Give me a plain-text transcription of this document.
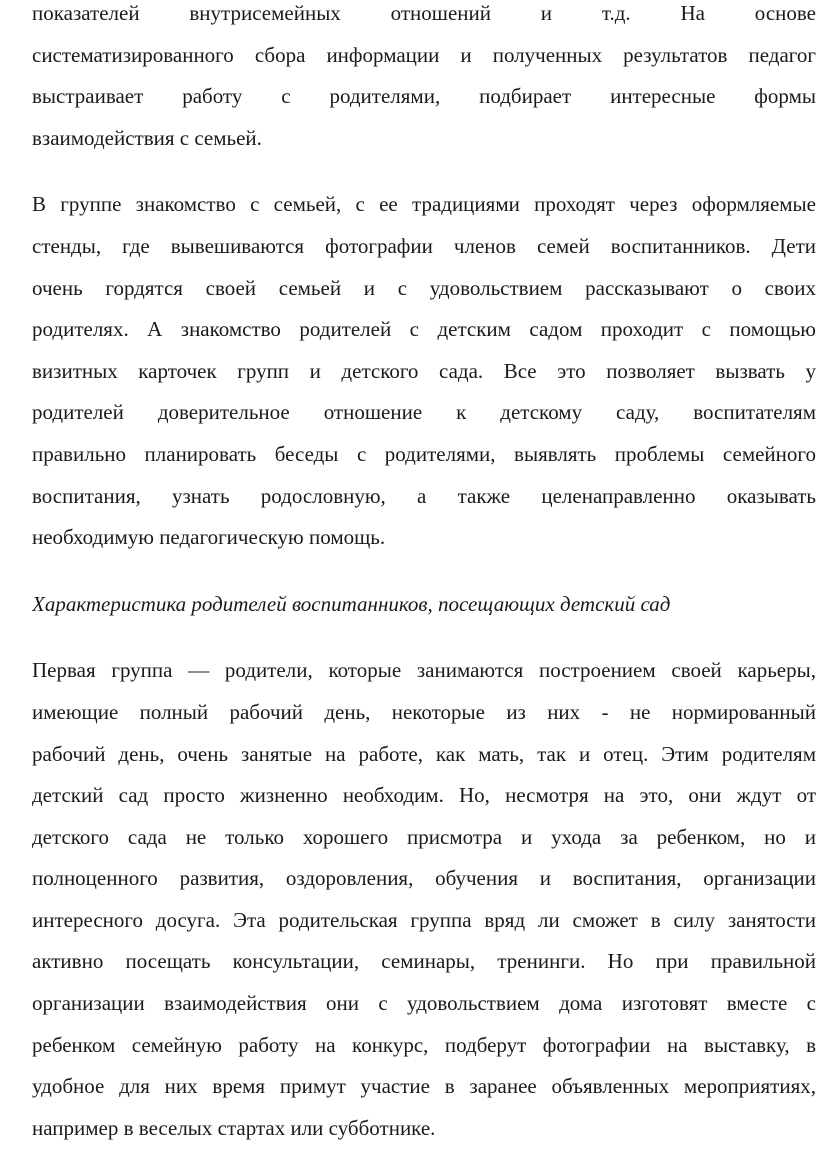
показателей внутрисемейных отношений и т.д. На основе
систематизированного сбора информации и полученных результатов педагог
выстраивает работу с родителями, подбирает интересные формы
взаимодействия с семьей.
В группе знакомство с семьей, с ее традициями проходят через оформляемые
стенды, где вывешиваются фотографии членов семей воспитанников. Дети
очень гордятся своей семьей и с удовольствием рассказывают о своих
родителях. А знакомство родителей с детским садом проходит с помощью
визитных карточек групп и детского сада. Все это позволяет вызвать у
родителей доверительное отношение к детскому саду, воспитателям
правильно планировать беседы с родителями, выявлять проблемы семейного
воспитания, узнать родословную, а также целенаправленно оказывать
необходимую педагогическую помощь.
Характеристика родителей воспитанников, посещающих детский сад
Первая группа — родители, которые занимаются построением своей карьеры,
имеющие полный рабочий день, некоторые из них - не нормированный
рабочий день, очень занятые на работе, как мать, так и отец. Этим родителям
детский сад просто жизненно необходим. Но, несмотря на это, они ждут от
детского сада не только хорошего присмотра и ухода за ребенком, но и
полноценного развития, оздоровления, обучения и воспитания, организации
интересного досуга. Эта родительская группа вряд ли сможет в силу занятости
активно посещать консультации, семинары, тренинги. Но при правильной
организации взаимодействия они с удовольствием дома изготовят вместе с
ребенком семейную работу на конкурс, подберут фотографии на выставку, в
удобное для них время примут участие в заранее объявленных мероприятиях,
например в веселых стартах или субботнике.
